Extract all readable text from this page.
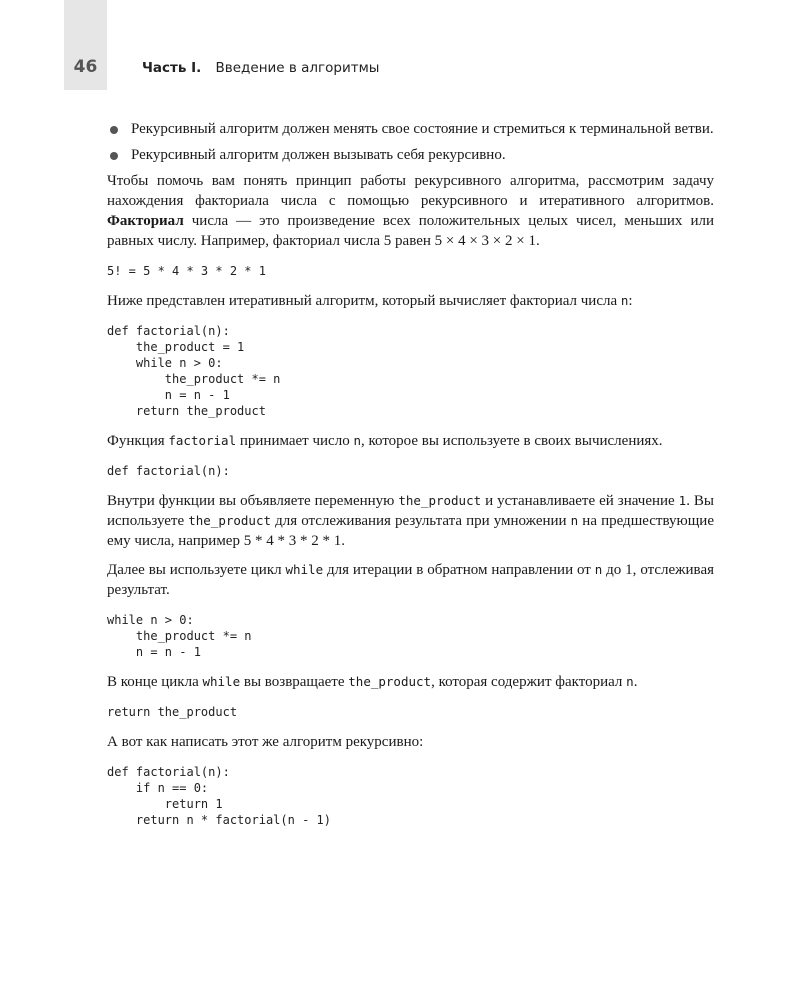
46	Часть I. Введение в алгоритмы
Рекурсивный алгоритм должен менять свое состояние и стремиться к терминальной ветви.
Рекурсивный алгоритм должен вызывать себя рекурсивно.

Чтобы помочь вам понять принцип работы рекурсивного алгоритма, рассмотрим задачу нахождения факториала числа с помощью рекурсивного и итеративного алгоритмов. Факториал числа — это произведение всех положительных целых чисел, меньших или равных числу. Например, факториал числа 5 равен 5 × 4 × 3 × 2 × 1.

5! = 5 * 4 * 3 * 2 * 1

Ниже представлен итеративный алгоритм, который вычисляет факториал числа n:

def factorial(n):
the_product = 1
while n > 0:
the_product *= n
n = n - 1
return the_product

Функция factorial принимает число n, которое вы используете в своих вычислениях.

def factorial(n):

Внутри функции вы объявляете переменную the_product и устанавливаете ей значение 1. Вы используете the_product для отслеживания результата при умножении n на предшествующие ему числа, например 5 * 4 * 3 * 2 * 1.

Далее вы используете цикл while для итерации в обратном направлении от n до 1, отслеживая результат.

while n > 0:
the_product *= n
n = n - 1

В конце цикла while вы возвращаете the_product, которая содержит факториал n.

return the_product

А вот как написать этот же алгоритм рекурсивно:

def factorial(n):
if n == 0:
return 1
return n * factorial(n - 1)
